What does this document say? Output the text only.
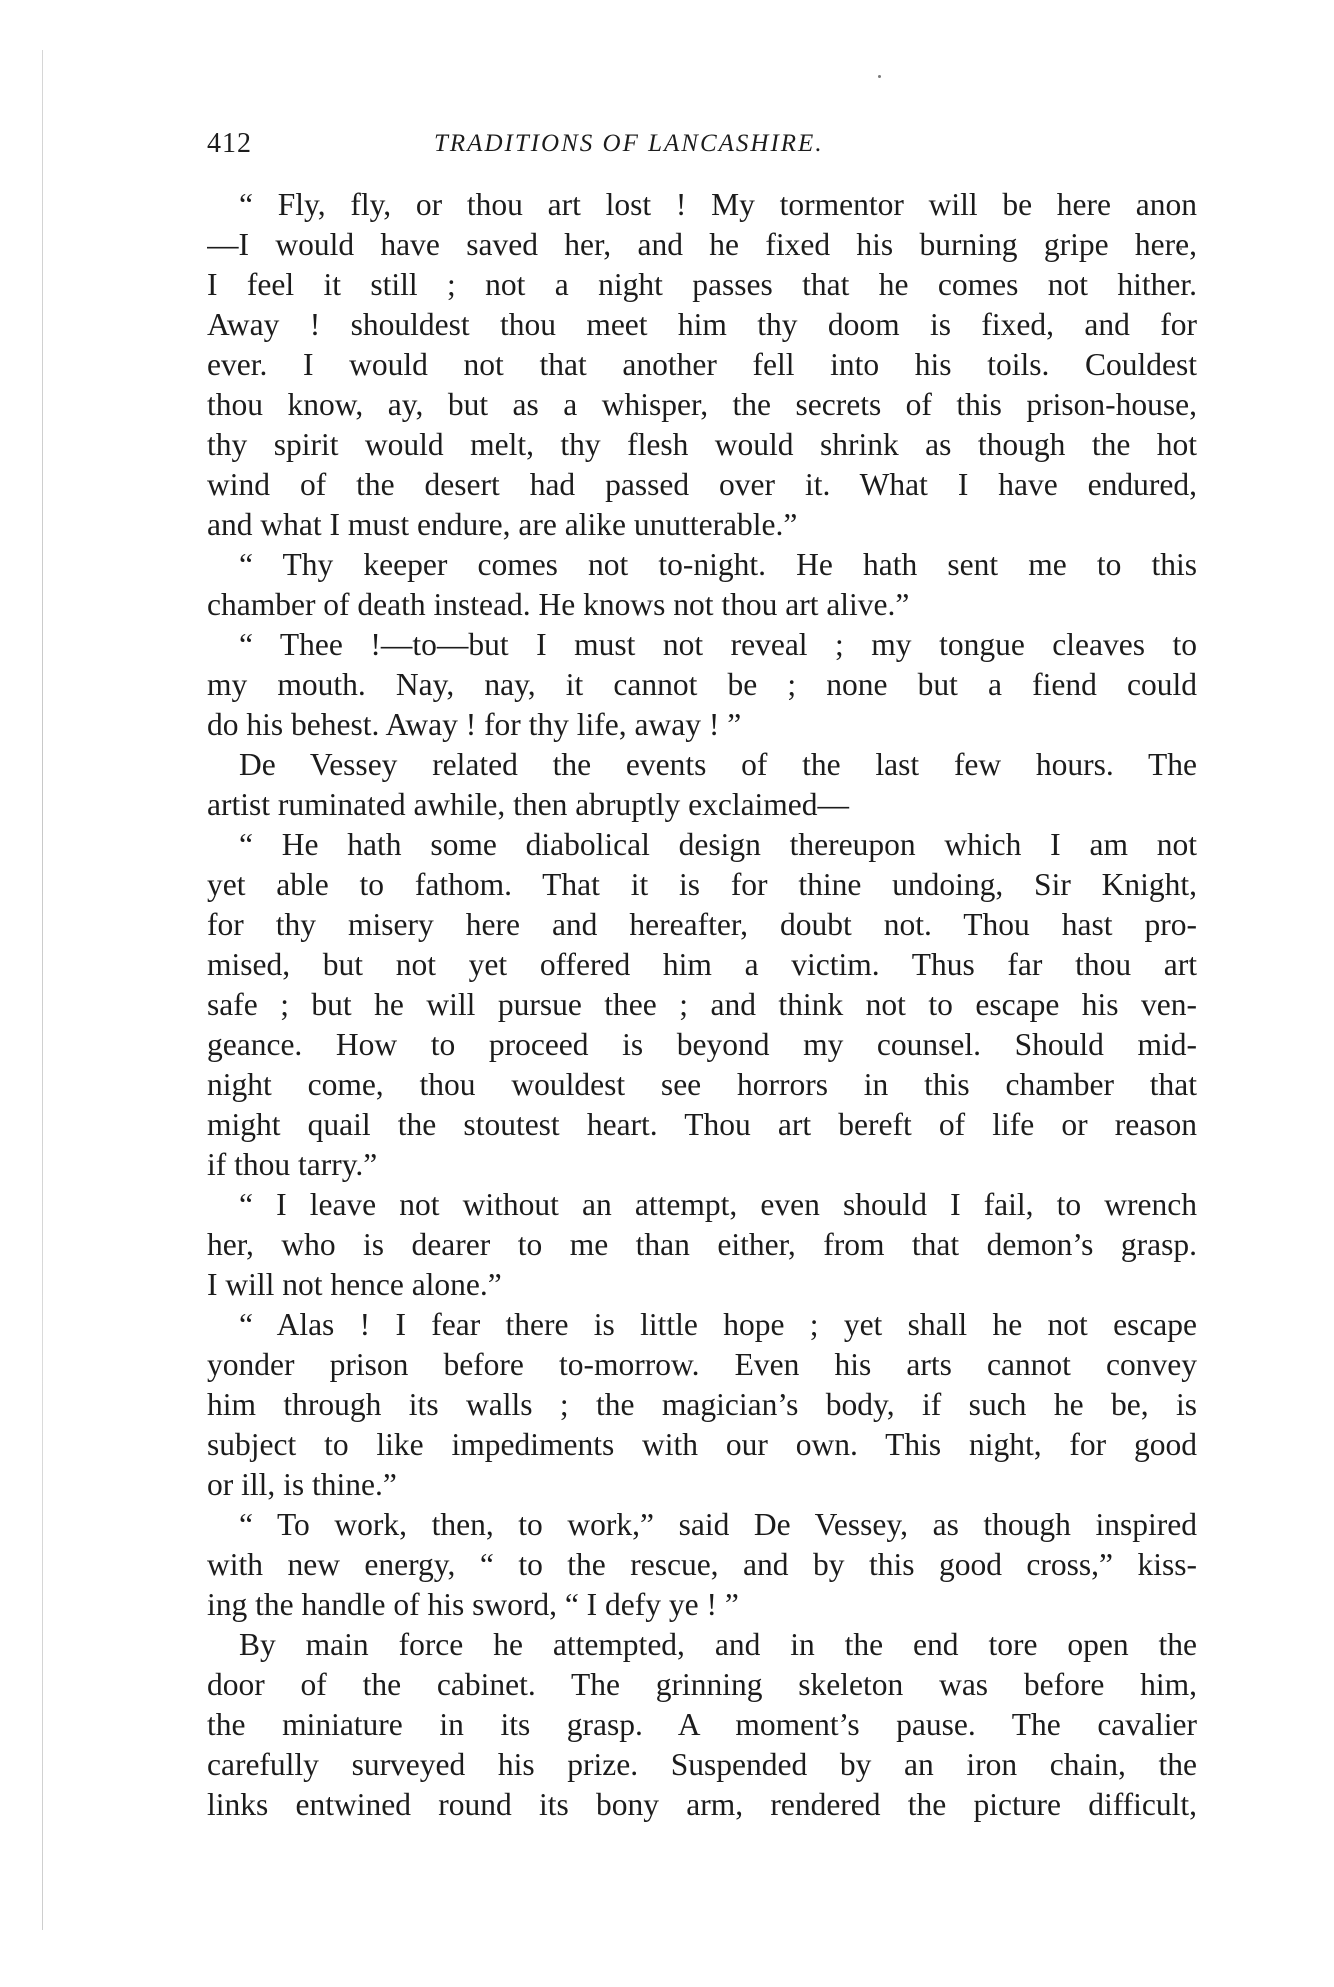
412	TRADITIONS OF LANCASHIRE.
“ Fly, fly, or thou art lost ! My tormentor will be here anon
—I would have saved her, and he fixed his burning gripe here,
I feel it still ; not a night passes that he comes not hither.
Away ! shouldest thou meet him thy doom is fixed, and for
ever. I would not that another fell into his toils. Couldest
thou know, ay, but as a whisper, the secrets of this prison-house,
thy spirit would melt, thy flesh would shrink as though the hot
wind of the desert had passed over it. What I have endured,
and what I must endure, are alike unutterable.”
“ Thy keeper comes not to-night. He hath sent me to this
chamber of death instead. He knows not thou art alive.”
“ Thee !—to—but I must not reveal ; my tongue cleaves to
my mouth. Nay, nay, it cannot be ; none but a fiend could
do his behest. Away ! for thy life, away ! ”
De Vessey related the events of the last few hours. The
artist ruminated awhile, then abruptly exclaimed—
“ He hath some diabolical design thereupon which I am not
yet able to fathom. That it is for thine undoing, Sir Knight,
for thy misery here and hereafter, doubt not. Thou hast pro-
mised, but not yet offered him a victim. Thus far thou art
safe ; but he will pursue thee ; and think not to escape his ven-
geance. How to proceed is beyond my counsel. Should mid-
night come, thou wouldest see horrors in this chamber that
might quail the stoutest heart. Thou art bereft of life or reason
if thou tarry.”
“ I leave not without an attempt, even should I fail, to wrench
her, who is dearer to me than either, from that demon’s grasp.
I will not hence alone.”
“ Alas ! I fear there is little hope ; yet shall he not escape
yonder prison before to-morrow. Even his arts cannot convey
him through its walls ; the magician’s body, if such he be, is
subject to like impediments with our own. This night, for good
or ill, is thine.”
“ To work, then, to work,” said De Vessey, as though inspired
with new energy, “ to the rescue, and by this good cross,” kiss-
ing the handle of his sword, “ I defy ye ! ”
By main force he attempted, and in the end tore open the
door of the cabinet. The grinning skeleton was before him,
the miniature in its grasp. A moment’s pause. The cavalier
carefully surveyed his prize. Suspended by an iron chain, the
links entwined round its bony arm, rendered the picture difficult,
